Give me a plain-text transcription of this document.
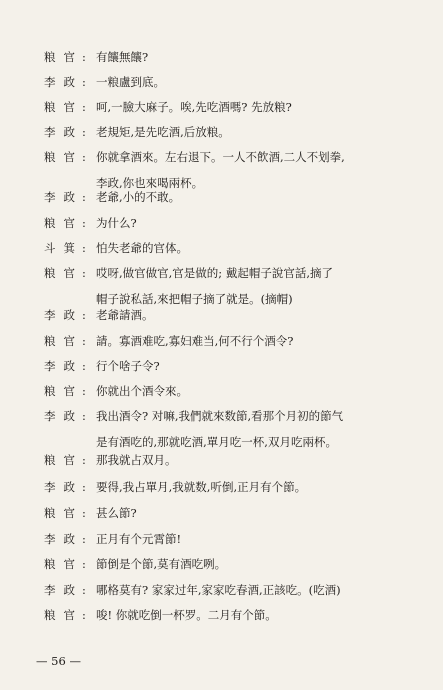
粮官 :	有饟無饟?
李政 :	一粮盧到底。
粮官 :	呵,一臉大麻子。唉,先吃酒嗎? 先放粮?
李政 :	老規矩,是先吃酒,后放粮。
粮官 :	你就拿酒來。左右退下。一人不飲酒,二人不划拳,
李政,你也來喝兩杯。
李政 :	老爺,小的不敢。
粮官 :	为什么?
斗箕 :	怕失老爺的官体。
粮官 :	哎呀,做官做官,官是做的; 戴起帽子說官話,摘了
帽子說私話,來把帽子摘了就是。(摘帽)
李政 :	老爺請酒。
粮官 :	請。寡酒难吃,寡妇难当,何不行个酒令?
李政 :	行个啥子令?
粮官 :	你就出个酒令來。
李政 :	我出酒令? 对嘛,我們就來数節,看那个月初的節气
是有酒吃的,那就吃酒,單月吃一杯,双月吃兩杯。
粮官 :	那我就占双月。
李政 :	要得,我占單月,我就数,听倒,正月有个節。
粮官 :	甚么節?
李政 :	正月有个元霄節!
粮官 :	節倒是个節,莫有酒吃咧。
李政 :	哪格莫有? 家家过年,家家吃春酒,正該吃。(吃酒)
粮官 :	唆! 你就吃倒一杯罗。二月有个節。
— 56 —
